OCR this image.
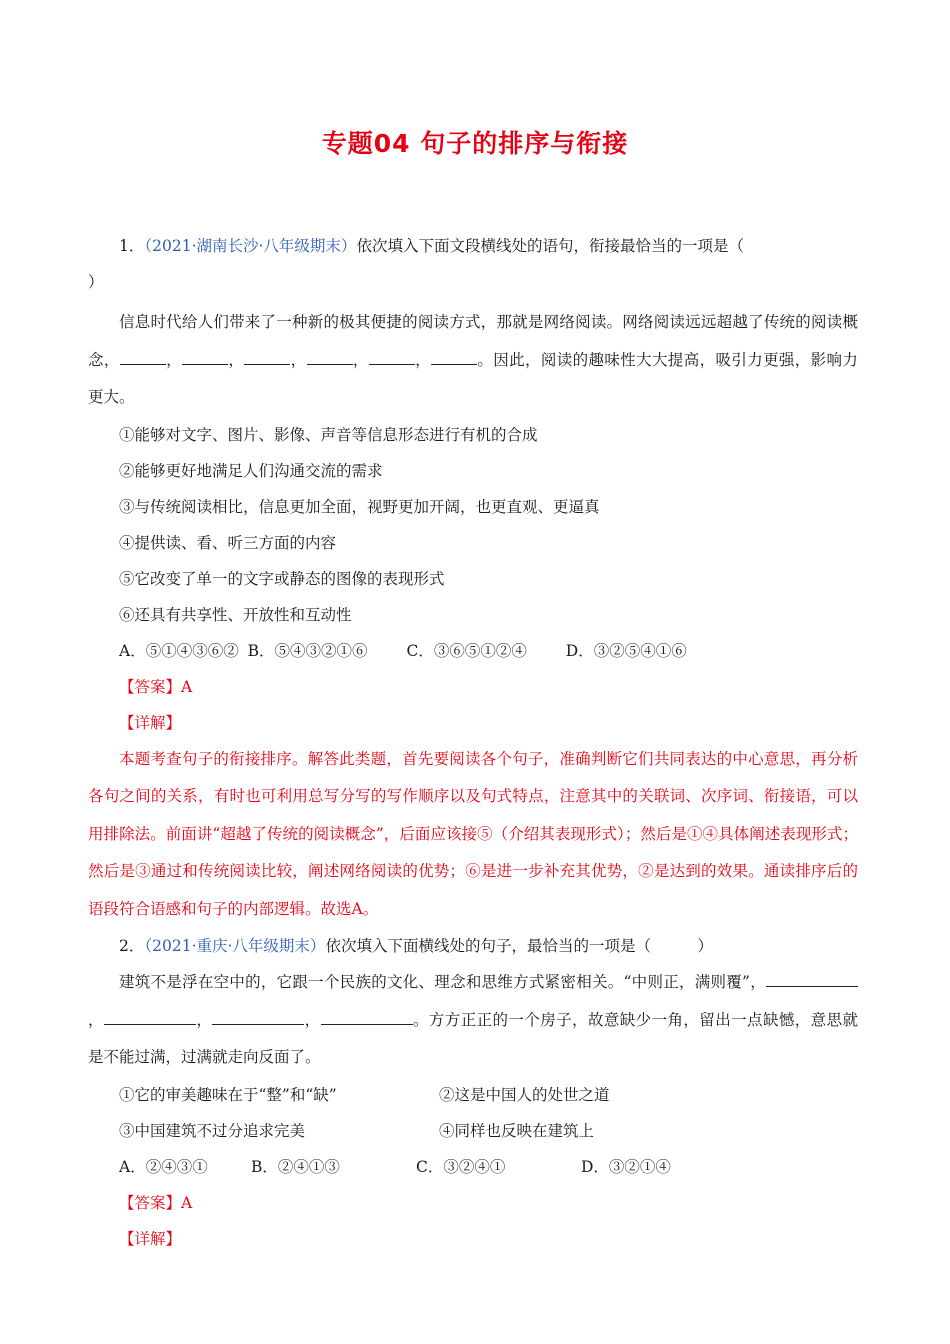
专题04 句子的排序与衔接
1．（2021·湖南长沙·八年级期末）依次填入下面文段横线处的语句，衔接最恰当的一项是（
）
信息时代给人们带来了一种新的极其便捷的阅读方式，那就是网络阅读。网络阅读远远超越了传统的阅读概念，	，	，	，	，	，	。因此，阅读的趣味性大大提高，吸引力更强，影响力更大。
①能够对文字、图片、影像、声音等信息形态进行有机的合成
②能够更好地满足人们沟通交流的需求
③与传统阅读相比，信息更加全面，视野更加开阔，也更直观、更逼真
④提供读、看、听三方面的内容
⑤它改变了单一的文字或静态的图像的表现形式
⑥还具有共享性、开放性和互动性
A．⑤①④③⑥② B．⑤④③②①⑥	C．③⑥⑤①②④	D．③②⑤④①⑥
【答案】A
【详解】
本题考查句子的衔接排序。解答此类题，首先要阅读各个句子，准确判断它们共同表达的中心意思，再分析各句之间的关系，有时也可利用总写分写的写作顺序以及句式特点，注意其中的关联词、次序词、衔接语，可以用排除法。前面讲“超越了传统的阅读概念”，后面应该接⑤（介绍其表现形式）；然后是①④具体阐述表现形式；然后是③通过和传统阅读比较，阐述网络阅读的优势；⑥是进一步补充其优势，②是达到的效果。通读排序后的语段符合语感和句子的内部逻辑。故选A。
2．（2021·重庆·八年级期末）依次填入下面横线处的句子，最恰当的一项是（　　　）
建筑不是浮在空中的，它跟一个民族的文化、理念和思维方式紧密相关。“中则正，满则覆”，，	，	，	。方方正正的一个房子，故意缺少一角，留出一点缺憾，意思就是不能过满，过满就走向反面了。
①它的审美趣味在于“整”和“缺”	②这是中国人的处世之道
③中国建筑不过分追求完美	④同样也反映在建筑上
A．②④③①	B．②④①③	C．③②④①	D．③②①④
【答案】A
【详解】
